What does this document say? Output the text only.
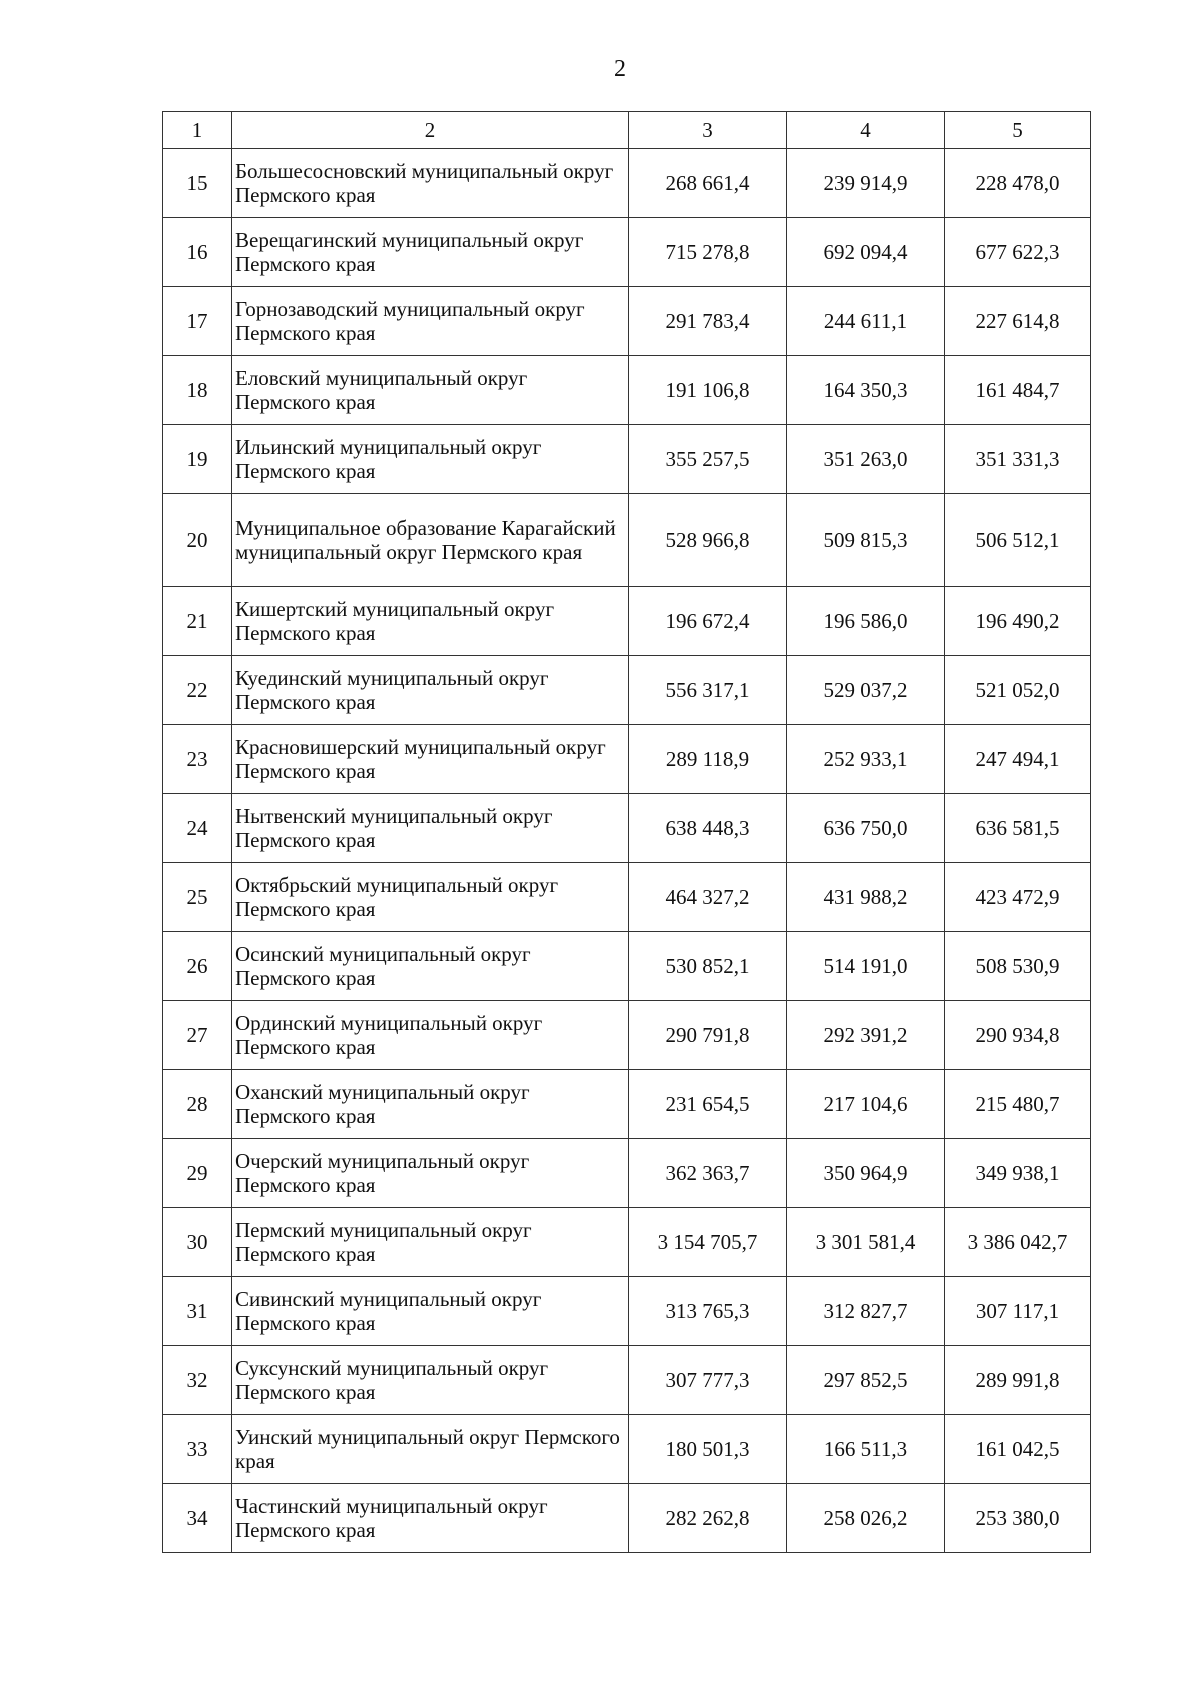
2
1	2	3	4	5
15	Большесосновский муниципальный округ Пермского края	268 661,4	239 914,9	228 478,0
16	Верещагинский муниципальный округ Пермского края	715 278,8	692 094,4	677 622,3
17	Горнозаводский муниципальный округ Пермского края	291 783,4	244 611,1	227 614,8
18	Еловский муниципальный округ Пермского края	191 106,8	164 350,3	161 484,7
19	Ильинский муниципальный округ Пермского края	355 257,5	351 263,0	351 331,3
20	Муниципальное образование Карагайский муниципальный округ Пермского края	528 966,8	509 815,3	506 512,1
21	Кишертский муниципальный округ Пермского края	196 672,4	196 586,0	196 490,2
22	Куединский муниципальный округ Пермского края	556 317,1	529 037,2	521 052,0
23	Красновишерский муниципальный округ Пермского края	289 118,9	252 933,1	247 494,1
24	Нытвенский муниципальный округ Пермского края	638 448,3	636 750,0	636 581,5
25	Октябрьский муниципальный округ Пермского края	464 327,2	431 988,2	423 472,9
26	Осинский муниципальный округ Пермского края	530 852,1	514 191,0	508 530,9
27	Ординский муниципальный округ Пермского края	290 791,8	292 391,2	290 934,8
28	Оханский муниципальный округ Пермского края	231 654,5	217 104,6	215 480,7
29	Очерский муниципальный округ Пермского края	362 363,7	350 964,9	349 938,1
30	Пермский муниципальный округ Пермского края	3 154 705,7	3 301 581,4	3 386 042,7
31	Сивинский муниципальный округ Пермского края	313 765,3	312 827,7	307 117,1
32	Суксунский муниципальный округ Пермского края	307 777,3	297 852,5	289 991,8
33	Уинский муниципальный округ Пермского края	180 501,3	166 511,3	161 042,5
34	Частинский муниципальный округ Пермского края	282 262,8	258 026,2	253 380,0
